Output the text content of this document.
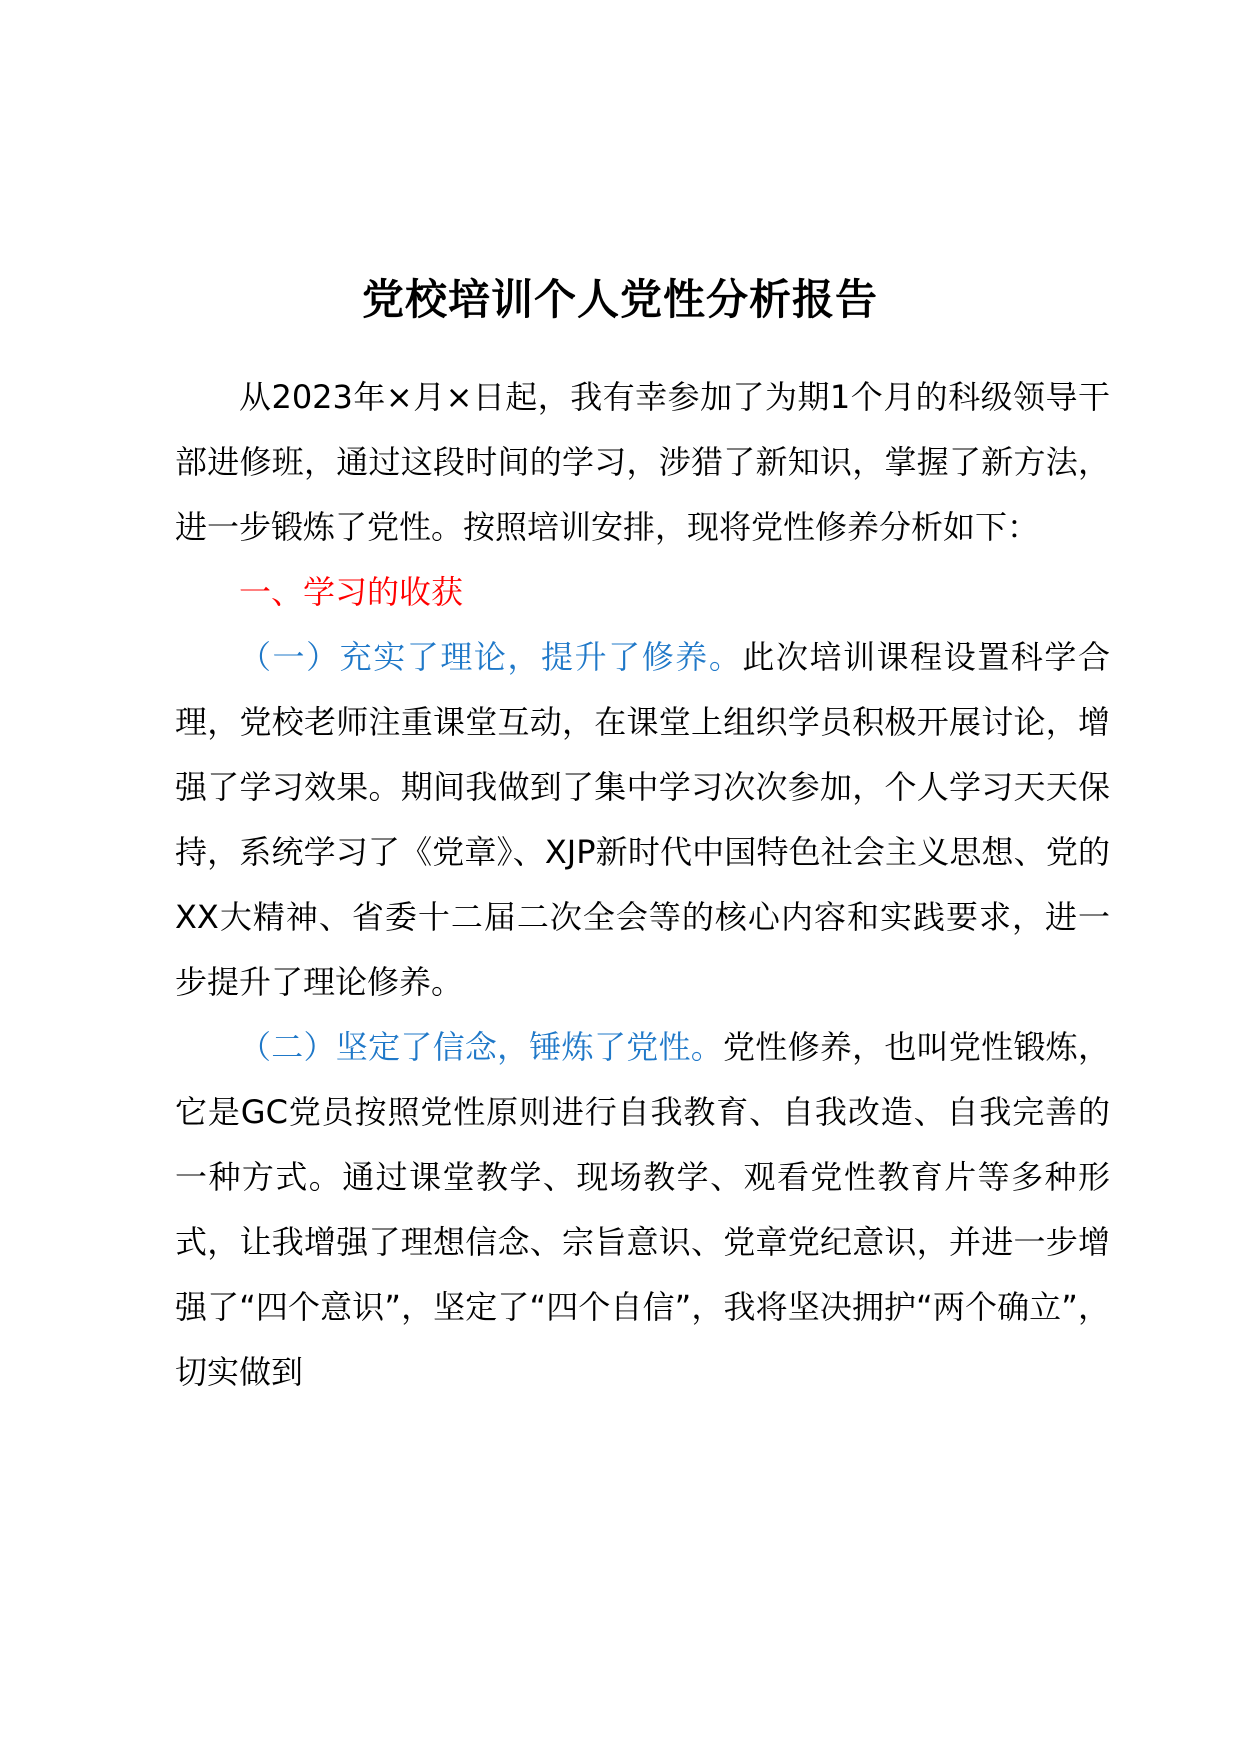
党校培训个人党性分析报告

从2023年×月×日起，我有幸参加了为期1个月的科级领导干部进修班，通过这段时间的学习，涉猎了新知识，掌握了新方法，进一步锻炼了党性。按照培训安排，现将党性修养分析如下：

一、学习的收获

（一）充实了理论，提升了修养。此次培训课程设置科学合理，党校老师注重课堂互动，在课堂上组织学员积极开展讨论，增强了学习效果。期间我做到了集中学习次次参加，个人学习天天保持，系统学习了《党章》、XJP新时代中国特色社会主义思想、党的XX大精神、省委十二届二次全会等的核心内容和实践要求，进一步提升了理论修养。

（二）坚定了信念，锤炼了党性。党性修养，也叫党性锻炼，它是GC党员按照党性原则进行自我教育、自我改造、自我完善的一种方式。通过课堂教学、现场教学、观看党性教育片等多种形式，让我增强了理想信念、宗旨意识、党章党纪意识，并进一步增强了“四个意识”，坚定了“四个自信”，我将坚决拥护“两个确立”，切实做到
